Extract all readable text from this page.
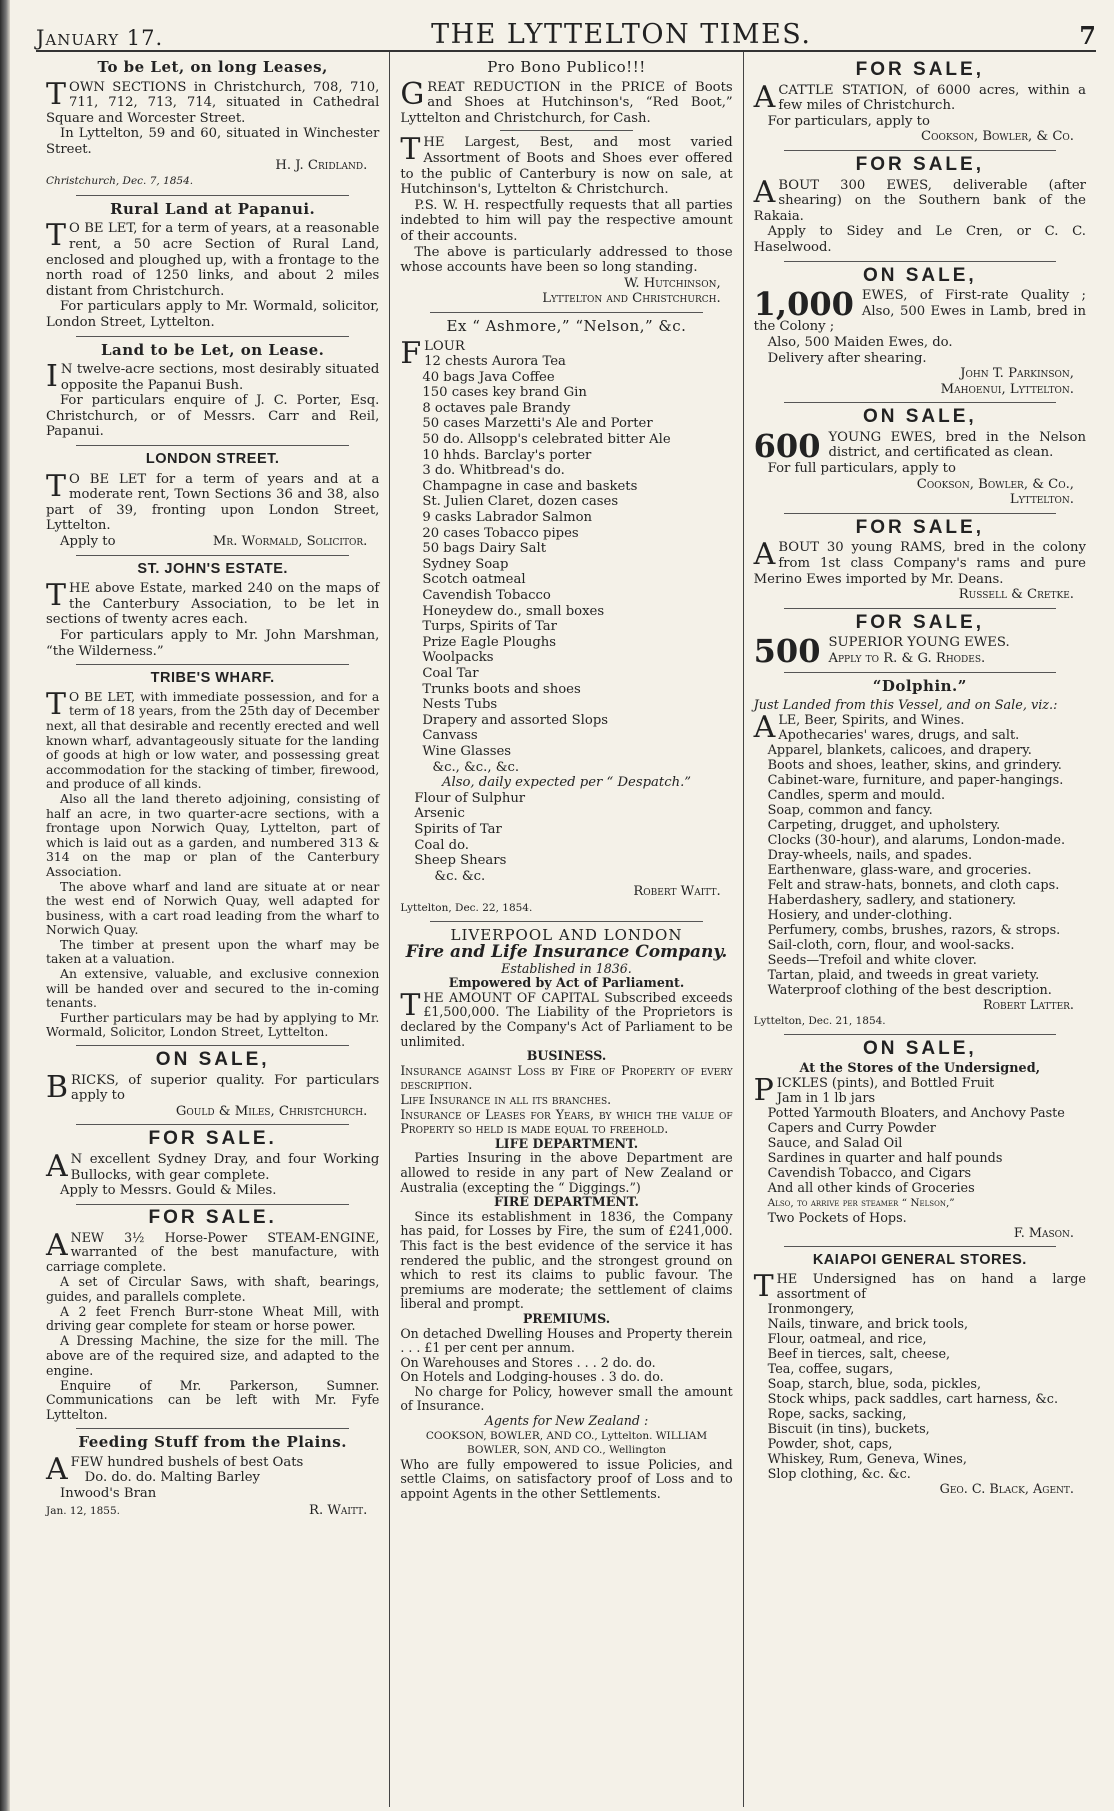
January 17.	THE LYTTELTON TIMES.	7
To be Let, on long Leases,

TOWN SECTIONS in Christchurch, 708, 710, 711, 712, 713, 714, situated in Cathedral Square and Worcester Street.

In Lyttelton, 59 and 60, situated in Winchester Street.

H. J. Cridland.
Christchurch, Dec. 7, 1854.
Rural Land at Papanui.

T O BE LET, for a term of years, at a reasonable rent, a 50 acre Section of Rural Land, enclosed and ploughed up, with a frontage to the north road of 1250 links, and about 2 miles distant from Christchurch.

For particulars apply to Mr. Wormald, solicitor, London Street, Lyttelton.

Land to be Let, on Lease.

I N twelve-acre sections, most desirably situated opposite the Papanui Bush.

For particulars enquire of J. C. Porter, Esq. Christchurch, or of Messrs. Carr and Reil, Papanui.

LONDON STREET.

T O BE LET for a term of years and at a moderate rent, Town Sections 36 and 38, also part of 39, fronting upon London Street, Lyttelton.

Apply to	Mr. Wormald, Solicitor.
ST. JOHN'S ESTATE.

THE above Estate, marked 240 on the maps of the Canterbury Association, to be let in sections of twenty acres each.

For particulars apply to Mr. John Marshman, “the Wilderness.”

TRIBE'S WHARF.

T O BE LET, with immediate possession, and for a term of 18 years, from the 25th day of December next, all that desirable and recently erected and well known wharf, advantageously situate for the landing of goods at high or low water, and possessing great accommodation for the stacking of timber, firewood, and produce of all kinds.

Also all the land thereto adjoining, consisting of half an acre, in two quarter-acre sections, with a frontage upon Norwich Quay, Lyttelton, part of which is laid out as a garden, and numbered 313 & 314 on the map or plan of the Canterbury Association.

The above wharf and land are situate at or near the west end of Norwich Quay, well adapted for business, with a cart road leading from the wharf to Norwich Quay.

The timber at present upon the wharf may be taken at a valuation.

An extensive, valuable, and exclusive connexion will be handed over and secured to the in-coming tenants.

Further particulars may be had by applying to Mr. Wormald, Solicitor, London Street, Lyttelton.

ON SALE,

BRICKS, of superior quality. For particulars apply to

Gould & Miles, Christchurch.
FOR SALE.

A N excellent Sydney Dray, and four Working Bullocks, with gear complete.

Apply to Messrs. Gould & Miles.

FOR SALE.

ANEW 3½ Horse-Power STEAM-ENGINE, warranted of the best manufacture, with carriage complete.

A set of Circular Saws, with shaft, bearings, guides, and parallels complete.

A 2 feet French Burr-stone Wheat Mill, with driving gear complete for steam or horse power.

A Dressing Machine, the size for the mill. The above are of the required size, and adapted to the engine.

Enquire of Mr. Parkerson, Sumner. Communications can be left with Mr. Fyfe Lyttelton.

Feeding Stuff from the Plains.

AFEW hundred bushels of best Oats

Do. do. do. Malting Barley
Inwood's Bran
Jan. 12, 1855.	R. Waitt.
Pro Bono Publico!!!

GREAT REDUCTION in the PRICE of Boots and Shoes at Hutchinson's, “Red Boot,” Lyttelton and Christchurch, for Cash.

THE Largest, Best, and most varied Assortment of Boots and Shoes ever offered to the public of Canterbury is now on sale, at Hutchinson's, Lyttelton & Christchurch.

P.S. W. H. respectfully requests that all parties indebted to him will pay the respective amount of their accounts.

The above is particularly addressed to those whose accounts have been so long standing.

W. Hutchinson,
Lyttelton and Christchurch.
Ex “ Ashmore,” “Nelson,” &c.
F LOUR
12 chests Aurora Tea
40 bags Java Coffee
150 cases key brand Gin
8 octaves pale Brandy
50 cases Marzetti's Ale and Porter
50 do. Allsopp's celebrated bitter Ale
10 hhds. Barclay's porter
3 do. Whitbread's do.
Champagne in case and baskets
St. Julien Claret, dozen cases
9 casks Labrador Salmon
20 cases Tobacco pipes
50 bags Dairy Salt
Sydney Soap
Scotch oatmeal
Cavendish Tobacco
Honeydew do., small boxes
Turps, Spirits of Tar
Prize Eagle Ploughs
Woolpacks
Coal Tar
Trunks boots and shoes
Nests Tubs
Drapery and assorted Slops
Canvass
Wine Glasses
&c., &c., &c.
Also, daily expected per “ Despatch.”
Flour of Sulphur
Arsenic
Spirits of Tar
Coal do.
Sheep Shears
&c. &c.
Robert Waitt.
Lyttelton, Dec. 22, 1854.
LIVERPOOL AND LONDON
Fire and Life Insurance Company.
Established in 1836.
Empowered by Act of Parliament.

THE AMOUNT OF CAPITAL Subscribed exceeds £1,500,000. The Liability of the Proprietors is declared by the Company's Act of Parliament to be unlimited.

BUSINESS.

Insurance against Loss by Fire of Property of every description.

Life Insurance in all its branches.

Insurance of Leases for Years, by which the value of Property so held is made equal to freehold.

LIFE DEPARTMENT.

Parties Insuring in the above Department are allowed to reside in any part of New Zealand or Australia (excepting the “ Diggings.”)

FIRE DEPARTMENT.

Since its establishment in 1836, the Company has paid, for Losses by Fire, the sum of £241,000. This fact is the best evidence of the service it has rendered the public, and the strongest ground on which to rest its claims to public favour. The premiums are moderate; the settlement of claims liberal and prompt.

PREMIUMS.

On detached Dwelling Houses and Property therein . . . £1 per cent per annum.

On Warehouses and Stores . . . 2 do. do.

On Hotels and Lodging-houses . 3 do. do.

No charge for Policy, however small the amount of Insurance.

Agents for New Zealand :
COOKSON, BOWLER, AND CO., Lyttelton. WILLIAM BOWLER, SON, AND CO., Wellington

Who are fully empowered to issue Policies, and settle Claims, on satisfactory proof of Loss and to appoint Agents in the other Settlements.

FOR SALE,

ACATTLE STATION, of 6000 acres, within a few miles of Christchurch.

For particulars, apply to

Cookson, Bowler, & Co.
FOR SALE,

ABOUT 300 EWES, deliverable (after shearing) on the Southern bank of the Rakaia.

Apply to Sidey and Le Cren, or C. C. Haselwood.

ON SALE,

1,000 EWES, of First-rate Quality ; Also, 500 Ewes in Lamb, bred in the Colony ;

Also, 500 Maiden Ewes, do.

Delivery after shearing.

John T. Parkinson,
Mahoenui, Lyttelton.
ON SALE,

600 YOUNG EWES, bred in the Nelson district, and certificated as clean.

For full particulars, apply to

Cookson, Bowler, & Co.,
Lyttelton.
FOR SALE,

ABOUT 30 young RAMS, bred in the colony from 1st class Company's rams and pure Merino Ewes imported by Mr. Deans.

Russell & Cretke.
FOR SALE,

500 SUPERIOR YOUNG EWES.
Apply to R. & G. Rhodes.

“Dolphin.”
Just Landed from this Vessel, and on Sale, viz.:

ALE, Beer, Spirits, and Wines.

Apothecaries' wares, drugs, and salt.
Apparel, blankets, calicoes, and drapery.
Boots and shoes, leather, skins, and grindery.
Cabinet-ware, furniture, and paper-hangings.
Candles, sperm and mould.
Soap, common and fancy.
Carpeting, drugget, and upholstery.
Clocks (30-hour), and alarums, London-made.
Dray-wheels, nails, and spades.
Earthenware, glass-ware, and groceries.
Felt and straw-hats, bonnets, and cloth caps.
Haberdashery, sadlery, and stationery.
Hosiery, and under-clothing.
Perfumery, combs, brushes, razors, & strops.
Sail-cloth, corn, flour, and wool-sacks.
Seeds—Trefoil and white clover.
Tartan, plaid, and tweeds in great variety.
Waterproof clothing of the best description.
Robert Latter.
Lyttelton, Dec. 21, 1854.
ON SALE,
At the Stores of the Undersigned,

PICKLES (pints), and Bottled Fruit

Jam in 1 lb jars
Potted Yarmouth Bloaters, and Anchovy Paste
Capers and Curry Powder
Sauce, and Salad Oil
Sardines in quarter and half pounds
Cavendish Tobacco, and Cigars
And all other kinds of Groceries
Also, to arrive per steamer “ Nelson,”
Two Pockets of Hops.
F. Mason.
KAIAPOI GENERAL STORES.

THE Undersigned has on hand a large assortment of

Ironmongery,
Nails, tinware, and brick tools,
Flour, oatmeal, and rice,
Beef in tierces, salt, cheese,
Tea, coffee, sugars,
Soap, starch, blue, soda, pickles,
Stock whips, pack saddles, cart harness, &c.
Rope, sacks, sacking,
Biscuit (in tins), buckets,
Powder, shot, caps,
Whiskey, Rum, Geneva, Wines,
Slop clothing, &c. &c.
Geo. C. Black, Agent.
